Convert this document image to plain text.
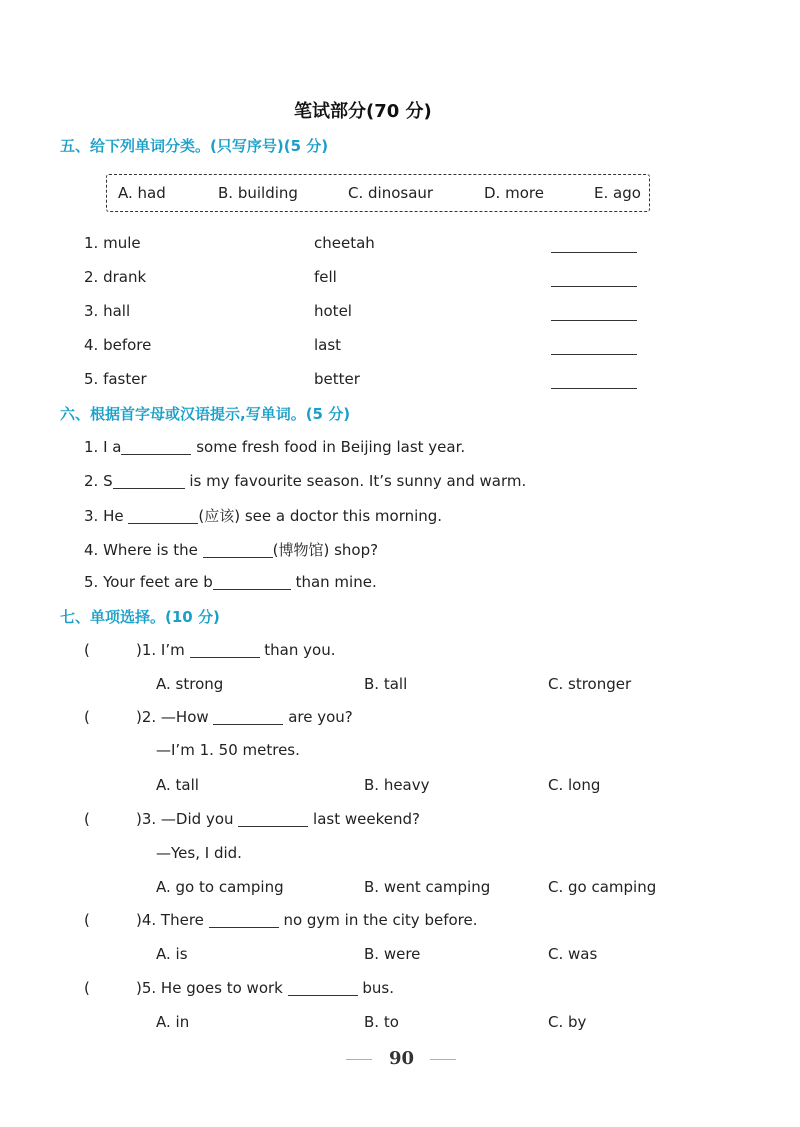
笔试部分(70 分)
五、给下列单词分类。(只写序号)(5 分)
A. had	B. building	C. dinosaur	D. more	E. ago
1. mule	cheetah
2. drank	fell
3. hall	hotel
4. before	last
5. faster	better
六、根据首字母或汉语提示,写单词。(5 分)
1. I a	some fresh food in Beijing last year.
2. S	is my favourite season. It’s sunny and warm.
3. He	(应该) see a doctor this morning.
4. Where is the	(博物馆) shop?
5. Your feet are b	than mine.
七、单项选择。(10 分)
(	)1. I’m	than you.
A. strong	B. tall	C. stronger
(	)2. —How	are you?
—I’m 1. 50 metres.
A. tall	B. heavy	C. long
(	)3. —Did you	last weekend?
—Yes, I did.
A. go to camping	B. went camping	C. go camping
(	)4. There	no gym in the city before.
A. is	B. were	C. was
(	)5. He goes to work	bus.
A. in	B. to	C. by
90
